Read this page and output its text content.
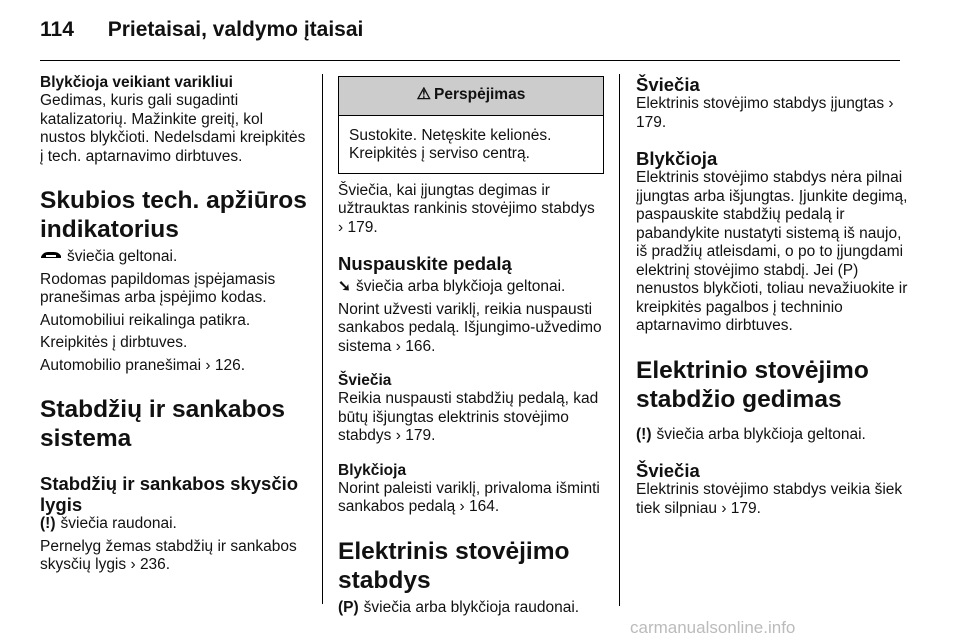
114 Prietaisai, valdymo įtaisai

Blykčioja veikiant varikliui

Gedimas, kuris gali sugadinti katalizatorių. Mažinkite greitį, kol nustos blykčioti. Nedelsdami kreipkitės į tech. aptarnavimo dirbtuves.

Skubios tech. apžiūros indikatorius

šviečia geltonai.

Rodomas papildomas įspėjamasis pranešimas arba įspėjimo kodas.

Automobiliui reikalinga patikra.

Kreipkitės į dirbtuves.

Automobilio pranešimai › 126.

Stabdžių ir sankabos sistema

Stabdžių ir sankabos skysčio lygis

(!) šviečia raudonai.

Pernelyg žemas stabdžių ir sankabos skysčių lygis › 236.

⚠ Perspėjimas
Sustokite. Netęskite kelionės. Kreipkitės į serviso centrą.

Šviečia, kai įjungtas degimas ir užtrauktas rankinis stovėjimo stabdys › 179.

Nuspauskite pedalą

➘ šviečia arba blykčioja geltonai.

Norint užvesti variklį, reikia nuspausti sankabos pedalą. Išjungimo-užvedimo sistema › 166.

Šviečia

Reikia nuspausti stabdžių pedalą, kad būtų išjungtas elektrinis stovėjimo stabdys › 179.

Blykčioja

Norint paleisti variklį, privaloma išminti sankabos pedalą › 164.

Elektrinis stovėjimo stabdys

(P) šviečia arba blykčioja raudonai.

Šviečia

Elektrinis stovėjimo stabdys įjungtas › 179.

Blykčioja

Elektrinis stovėjimo stabdys nėra pilnai įjungtas arba išjungtas. Įjunkite degimą, paspauskite stabdžių pedalą ir pabandykite nustatyti sistemą iš naujo, iš pradžių atleisdami, o po to įjungdami elektrinį stovėjimo stabdį. Jei (P) nenustos blykčioti, toliau nevažiuokite ir kreipkitės pagalbos į techninio aptarnavimo dirbtuves.

Elektrinio stovėjimo stabdžio gedimas

(!) šviečia arba blykčioja geltonai.

Šviečia

Elektrinis stovėjimo stabdys veikia šiek tiek silpniau › 179.

carmanualsonline.info
